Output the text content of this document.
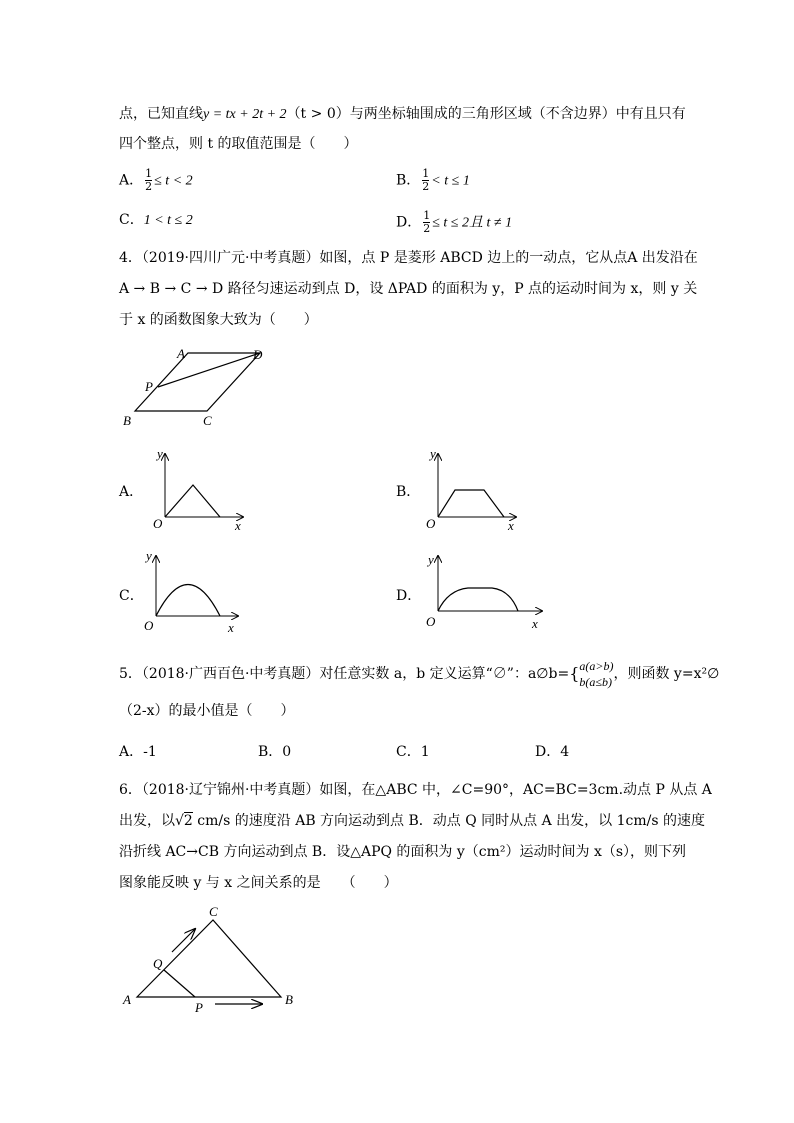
点，已知直线y = tx + 2t + 2（t > 0）与两坐标轴围成的三角形区域（不含边界）中有且只有
四个整点，则 t 的取值范围是（　　）
A． $\frac{1}{2} \le t < 2$	B． $\frac{1}{2} < t \le 1$
C．1 < t ≤ 2	D． $\frac{1}{2} \le t \le 2$且 t ≠ 1
4．（2019·四川广元·中考真题）如图，点 P 是菱形 ABCD 边上的一动点，它从点A 出发沿在
A → B → C → D 路径匀速运动到点 D，设 ΔPAD 的面积为 y，P 点的运动时间为 x，则 y 关
于 x 的函数图象大致为（　　）
A	D
P
B	C
A．
y
O	x
B．
y
O	x
C．
y
O	x
D．
y
O	x
5．（2018·广西百色·中考真题）对任意实数 a，b 定义运算“∅”：a∅b={ a(a>b)
b(a≤b) ，则函数 y=x²∅
（2-x）的最小值是（　　）
A．-1	B．0	C．1	D．4
6．（2018·辽宁锦州·中考真题）如图，在△ABC 中，∠C=90°，AC=BC=3cm.动点 P 从点 A
出发，以√2 cm/s 的速度沿 AB 方向运动到点 B．动点 Q 同时从点 A 出发，以 1cm/s 的速度
沿折线 AC→CB 方向运动到点 B．设△APQ 的面积为 y（cm²）运动时间为 x（s），则下列
图象能反映 y 与 x 之间关系的是　　（　　）
C
Q
A
P
B
